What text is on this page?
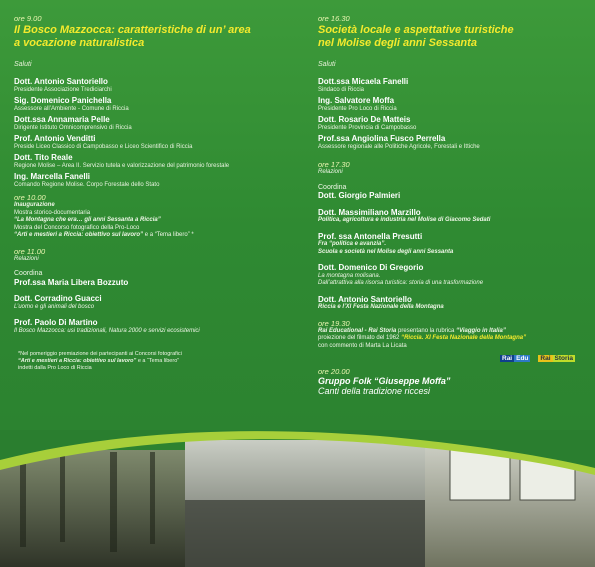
ore 9.00
Il Bosco Mazzocca: caratteristiche di un’ area
a vocazione naturalistica
Saluti
Dott. Antonio Santoriello
Presidente Associazione Trediciarchi
Sig. Domenico Panichella
Assessore all’Ambiente - Comune di Riccia
Dott.ssa Annamaria Pelle
Dirigente Istituto Omnicomprensivo di Riccia
Prof. Antonio Venditti
Preside Liceo Classico di Campobasso e Liceo Scientifico di Riccia
Dott. Tito Reale
Regione Molise – Area II. Servizio tutela e valorizzazione del patrimonio forestale
Ing. Marcella Fanelli
Comando Regione Molise. Corpo Forestale dello Stato
ore 10.00
Inaugurazione
Mostra storico-documentaria
“La Montagna che era… gli anni Sessanta a Riccia”
Mostra del Concorso fotografico della Pro-Loco
“Arti e mestieri a Riccia: obiettivo sul lavoro” e a “Tema libero” *
ore 11.00
Relazioni
Coordina
Prof.ssa Maria Libera Bozzuto
Dott. Corradino Guacci
L’uomo e gli animali del bosco
Prof. Paolo Di Martino
Il Bosco Mazzocca: usi tradizionali, Natura 2000 e servizi ecosistemici
*Nel pomeriggio premiazione dei partecipanti ai Concorsi fotografici
“Arti e mestieri a Riccia: obiettivo sul lavoro” e a “Tema libero”
indetti dalla Pro Loco di Riccia
ore 16.30
Società locale e aspettative turistiche
nel Molise degli anni Sessanta
Saluti
Dott.ssa Micaela Fanelli
Sindaco di Riccia
Ing. Salvatore Moffa
Presidente Pro Loco di Riccia
Dott. Rosario De Matteis
Presidente Provincia di Campobasso
Prof.ssa Angiolina Fusco Perrella
Assessore regionale alle Politiche Agricole, Forestali e Ittiche
ore 17.30
Relazioni
Coordina
Dott. Giorgio Palmieri
Dott. Massimiliano Marzillo
Politica, agricoltura e industria nel Molise di Giacomo Sedati
Prof. ssa Antonella Presutti
Fra “politica e avanzia”.
Scuola e società nel Molise degli anni Sessanta
Dott. Domenico Di Gregorio
La montagna molisana.
Dall’attrattiva alla risorsa turistica: storia di una trasformazione
Dott. Antonio Santoriello
Riccia e l’XI Festa Nazionale della Montagna
ore 19.30
Rai Educational - Rai Storia presentano la rubrica “Viaggio in Italia”
proiezione del filmato del 1962 “Riccia. XI Festa Nazionale della Montagna”
con commento di Marta La Licata
Rai Edu	Rai Storia
ore 20.00
Gruppo Folk “Giuseppe Moffa”
Canti della tradizione riccesi
